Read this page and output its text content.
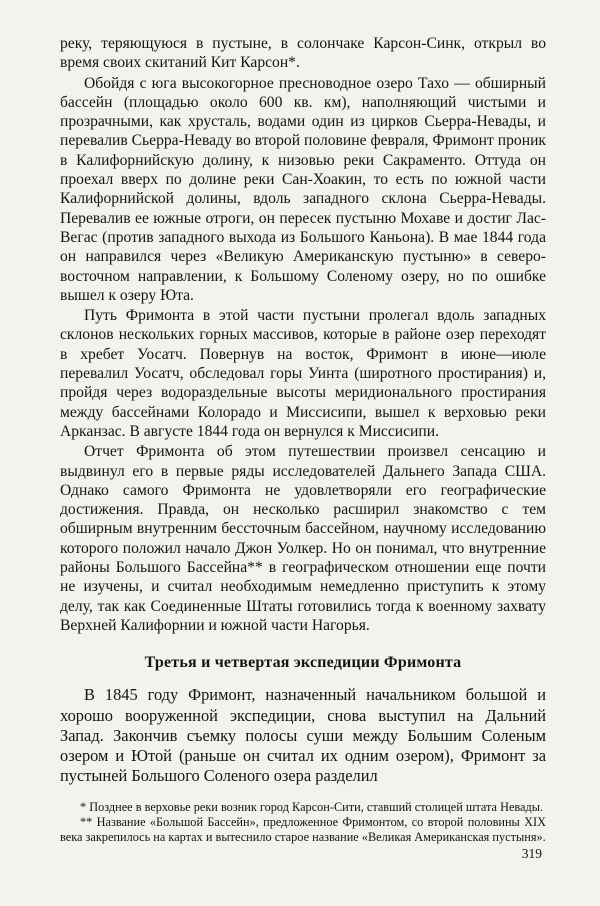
реку, теряющуюся в пустыне, в солончаке Карсон-Синк, открыл во время своих скитаний Кит Карсон*.

Обойдя с юга высокогорное пресноводное озеро Тахо — обширный бассейн (площадью около 600 кв. км), наполняющий чистыми и прозрачными, как хрусталь, водами один из цирков Сьерра-Невады, и перевалив Сьерра-Неваду во второй половине февраля, Фримонт проник в Калифорнийскую долину, к низовью реки Сакраменто. Оттуда он проехал вверх по долине реки Сан-Хоакин, то есть по южной части Калифорнийской долины, вдоль западного склона Сьерра-Невады. Перевалив ее южные отроги, он пересек пустыню Мохаве и достиг Лас-Вегас (против западного выхода из Большого Каньона). В мае 1844 года он направился через «Великую Американскую пустыню» в северо-восточном направлении, к Большому Соленому озеру, но по ошибке вышел к озеру Юта.

Путь Фримонта в этой части пустыни пролегал вдоль западных склонов нескольких горных массивов, которые в районе озер переходят в хребет Уосатч. Повернув на восток, Фримонт в июне—июле перевалил Уосатч, обследовал горы Уинта (широтного простирания) и, пройдя через водораздельные высоты меридионального простирания между бассейнами Колорадо и Миссисипи, вышел к верховью реки Арканзас. В августе 1844 года он вернулся к Миссисипи.

Отчет Фримонта об этом путешествии произвел сенсацию и выдвинул его в первые ряды исследователей Дальнего Запада США. Однако самого Фримонта не удовлетворяли его географические достижения. Правда, он несколько расширил знакомство с тем обширным внутренним бессточным бассейном, научному исследованию которого положил начало Джон Уолкер. Но он понимал, что внутренние районы Большого Бассейна** в географическом отношении еще почти не изучены, и считал необходимым немедленно приступить к этому делу, так как Соединенные Штаты готовились тогда к военному захвату Верхней Калифорнии и южной части Нагорья.

Третья и четвертая экспедиции Фримонта

В 1845 году Фримонт, назначенный начальником большой и хорошо вооруженной экспедиции, снова выступил на Дальний Запад. Закончив съемку полосы суши между Большим Соленым озером и Ютой (раньше он считал их одним озером), Фримонт за пустыней Большого Соленого озера разделил

* Позднее в верховье реки возник город Карсон-Сити, ставший столицей штата Невады.

** Название «Большой Бассейн», предложенное Фримонтом, со второй половины XIX века закрепилось на картах и вытеснило старое название «Великая Американская пустыня».

319
